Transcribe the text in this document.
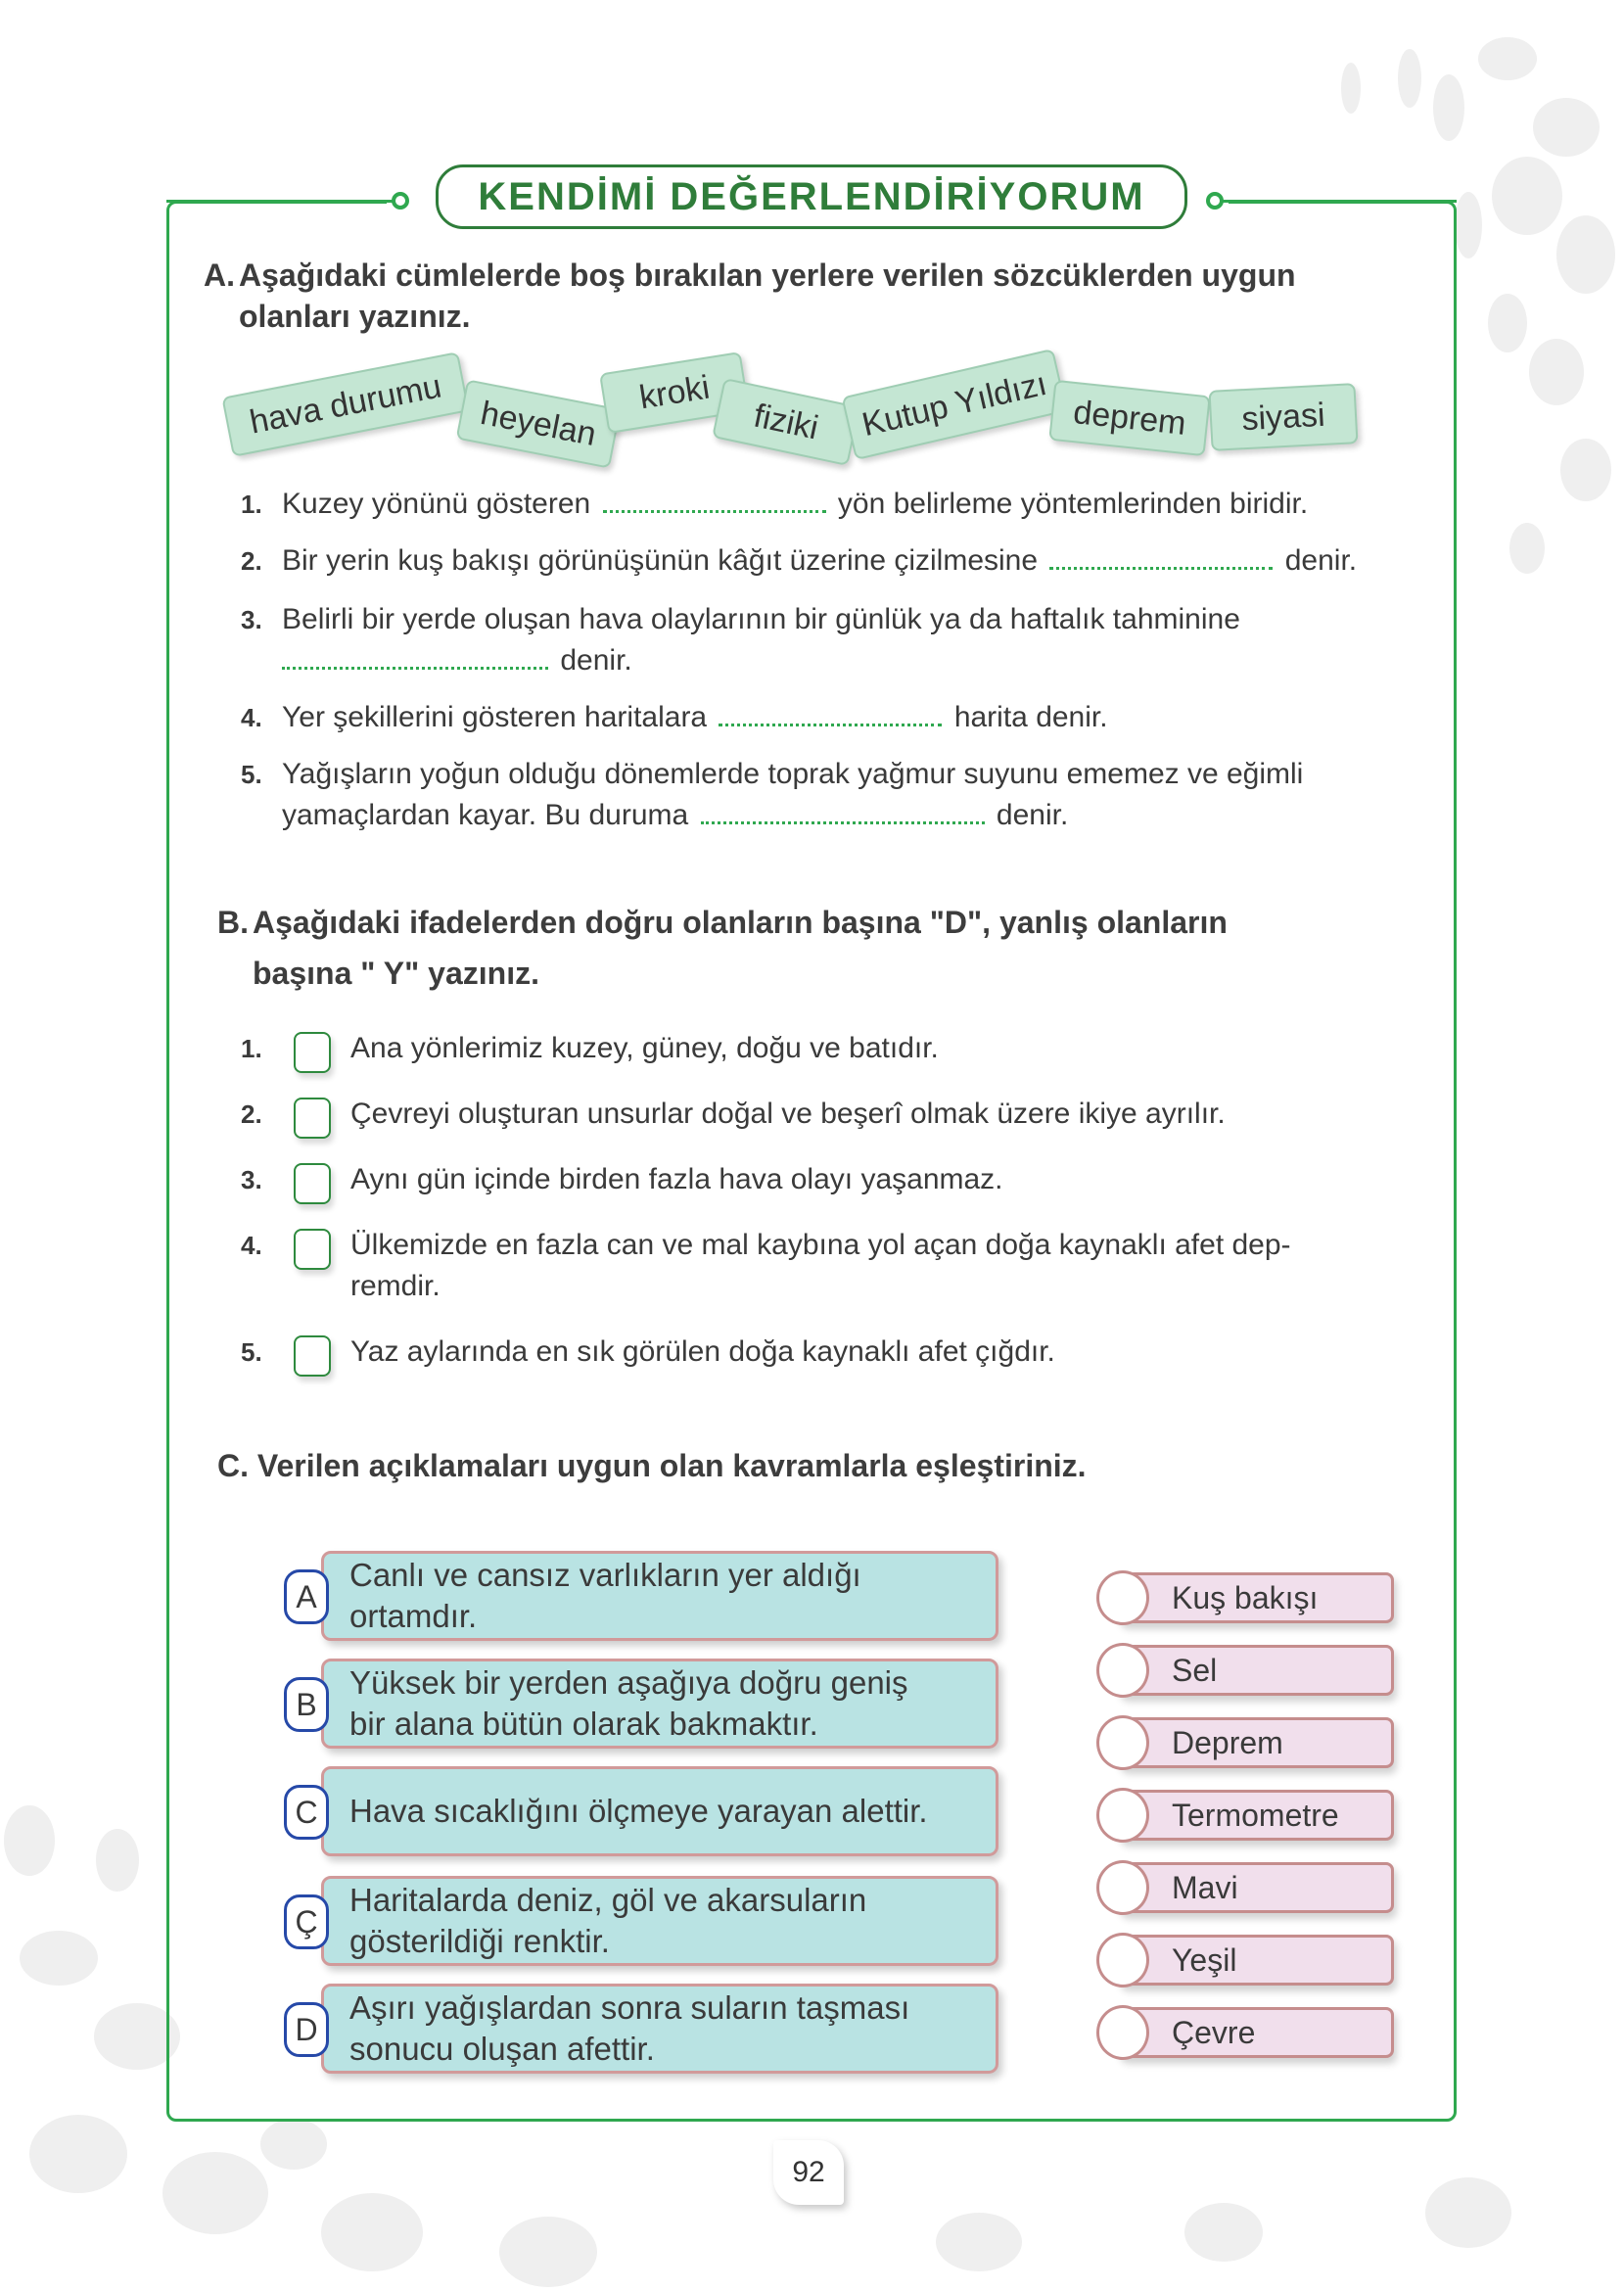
KENDİMİ DEĞERLENDİRİYORUM
A. Aşağıdaki cümlelerde boş bırakılan yerlere verilen sözcüklerden uygun
olanları yazınız.
hava durumu	heyelan
kroki
fiziki	Kutup Yıldızı deprem	siyasi
1. Kuzey yönünü gösteren	yön belirleme yöntemlerinden biridir.
2. Bir yerin kuş bakışı görünüşünün kâğıt üzerine çizilmesine	denir.
3. Belirli bir yerde oluşan hava olaylarının bir günlük ya da haftalık tahminine
denir.
4. Yer şekillerini gösteren haritalara	harita denir.
5. Yağışların yoğun olduğu dönemlerde toprak yağmur suyunu ememez ve eğimli
yamaçlardan kayar. Bu duruma	denir.
B. Aşağıdaki ifadelerden doğru olanların başına "D", yanlış olanların
başına " Y" yazınız.
1.	Ana yönlerimiz kuzey, güney, doğu ve batıdır.
2.	Çevreyi oluşturan unsurlar doğal ve beşerî olmak üzere ikiye ayrılır.
3.	Aynı gün içinde birden fazla hava olayı yaşanmaz.
4.	Ülkemizde en fazla can ve mal kaybına yol açan doğa kaynaklı afet dep-
remdir.
5.	Yaz aylarında en sık görülen doğa kaynaklı afet çığdır.
C. Verilen açıklamaları uygun olan kavramlarla eşleştiriniz.
Canlı ve cansız varlıkların yer aldığı
ortamdır.
A
Yüksek bir yerden aşağıya doğru geniş
bir alana bütün olarak bakmaktır.
B
Hava sıcaklığını ölçmeye yarayan alettir.
C
Haritalarda deniz, göl ve akarsuların
gösterildiği renktir.
Ç
Aşırı yağışlardan sonra suların taşması
sonucu oluşan afettir.
D
Kuş bakışı
Sel
Deprem
Termometre
Mavi
Yeşil
Çevre
92
